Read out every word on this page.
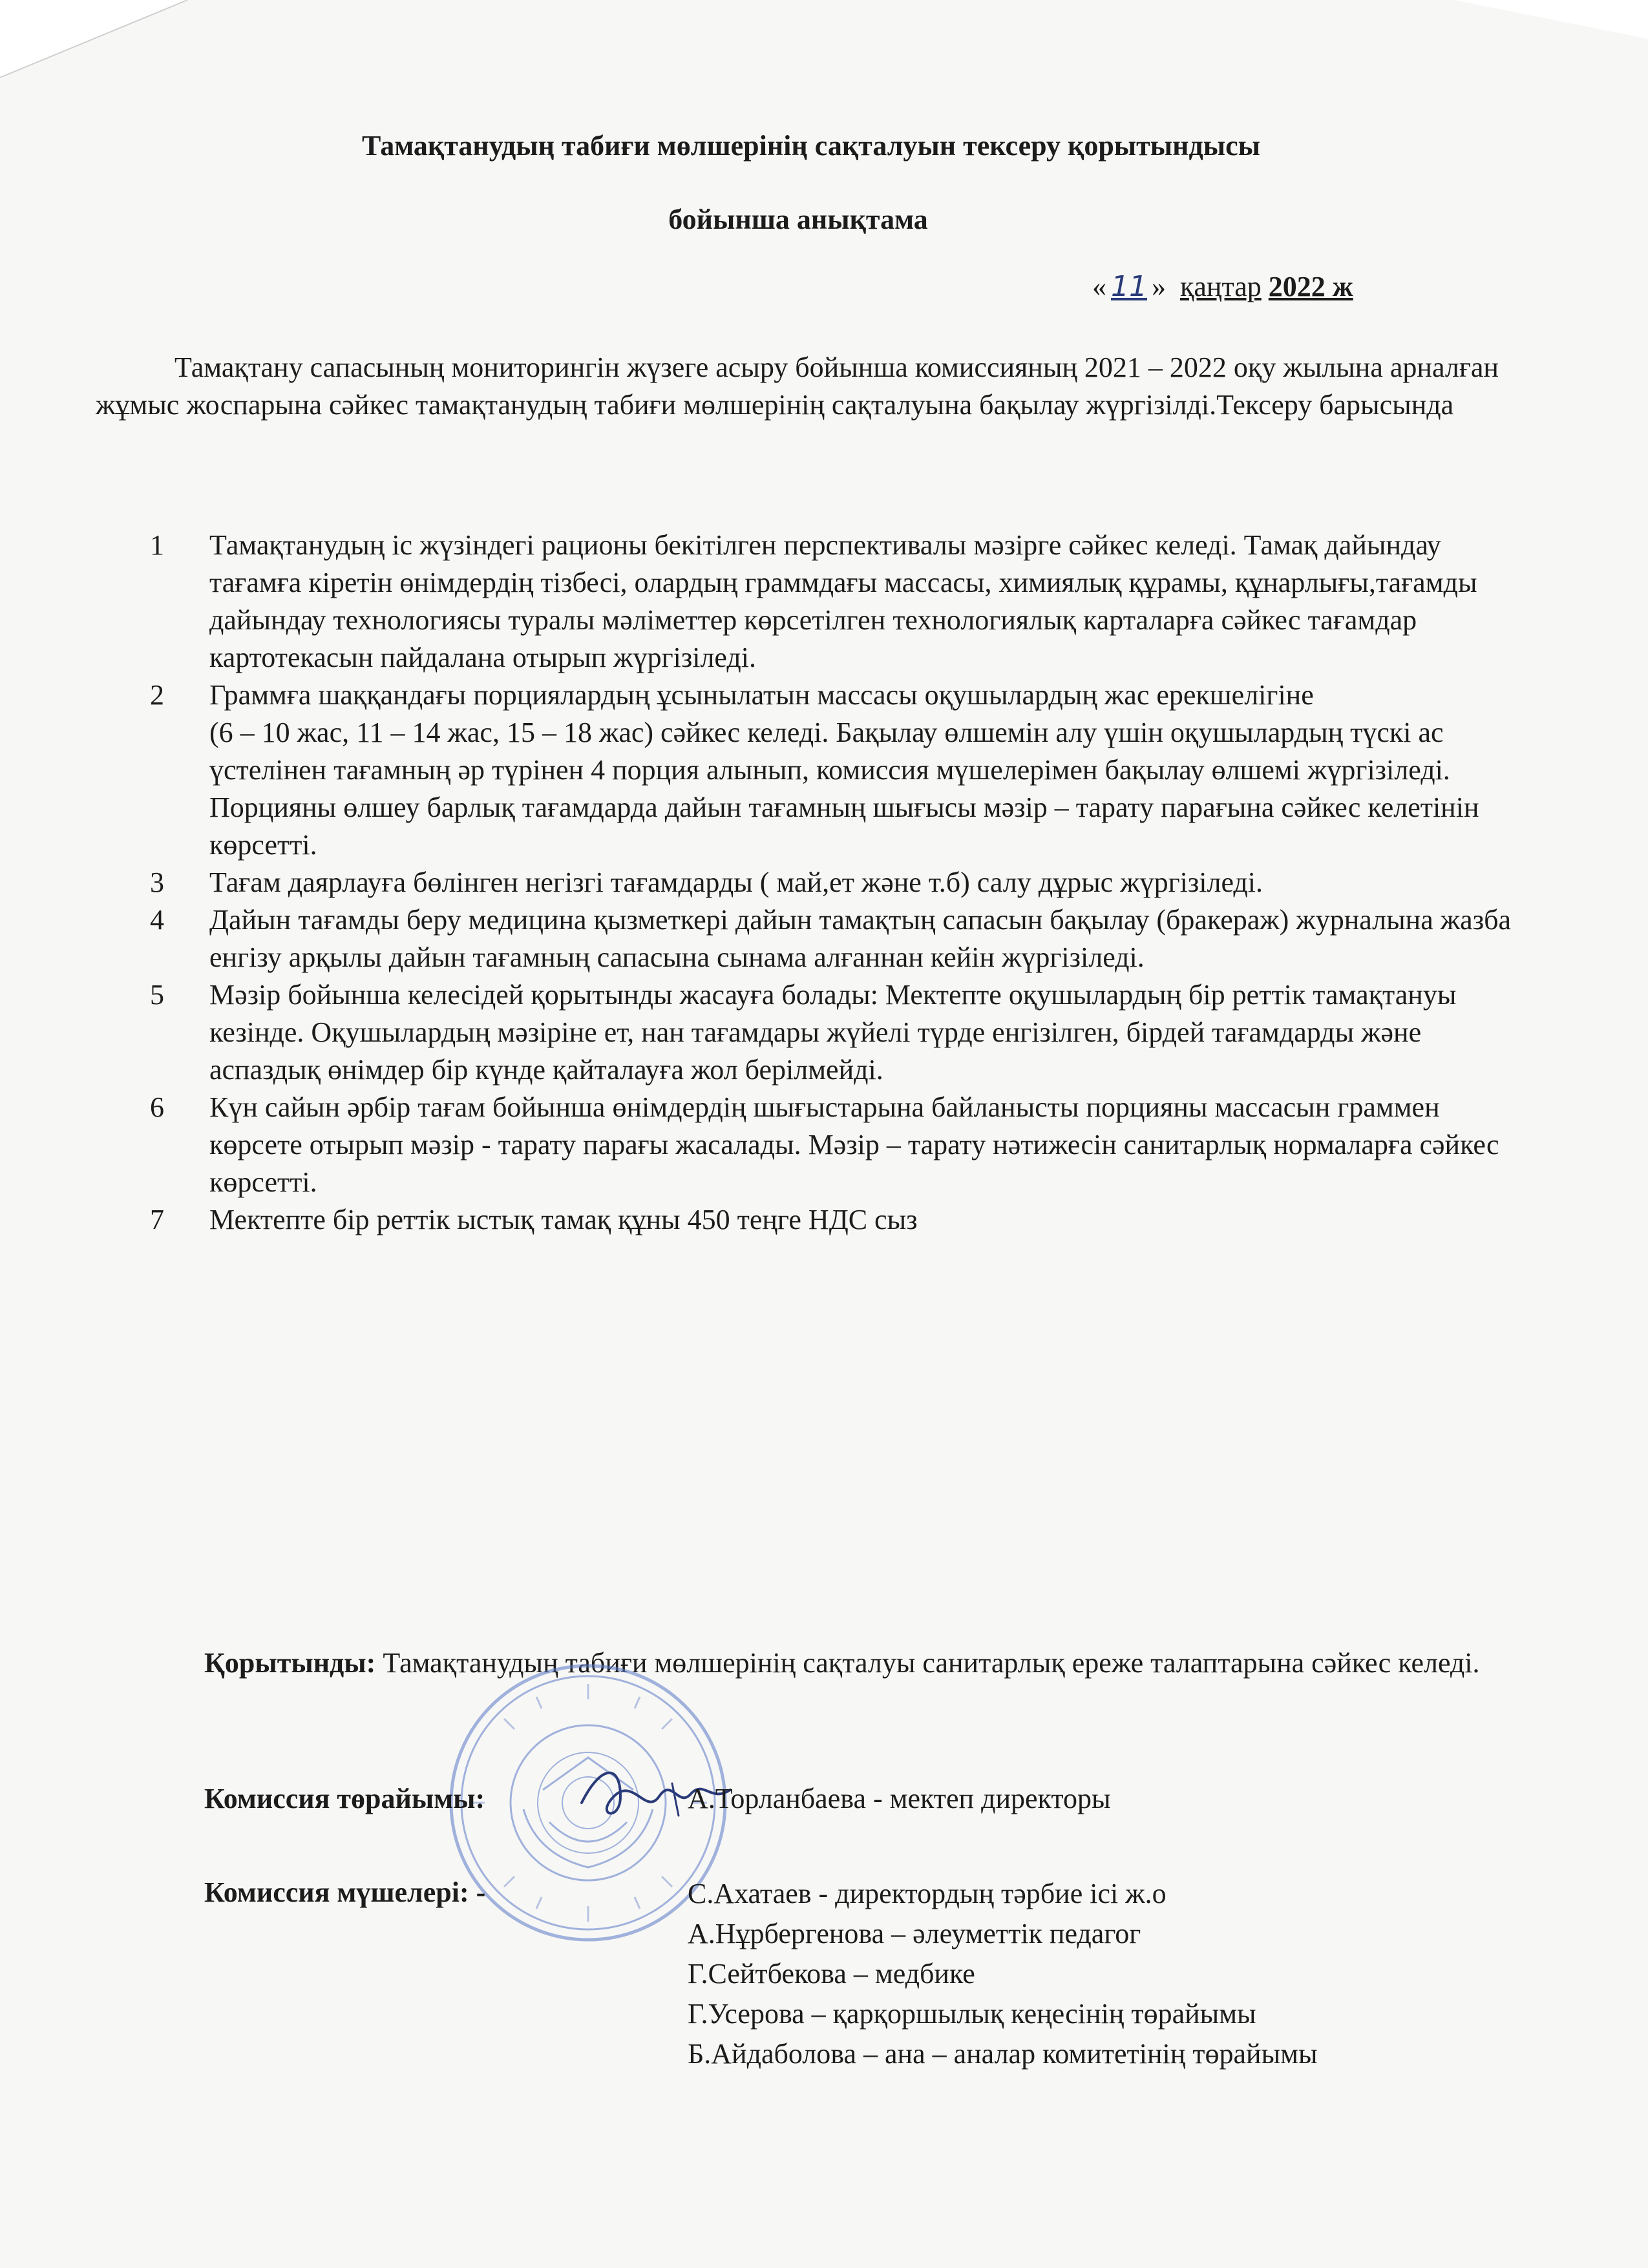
Тамақтанудың табиғи мөлшерінің сақталуын тексеру қорытындысы
бойынша анықтама
« 11 » қаңтар 2022 ж
Тамақтану сапасының мониторингін жүзеге асыру бойынша комиссияның 2021 – 2022 оқу жылына арналған жұмыс жоспарына сәйкес тамақтанудың табиғи мөлшерінің сақталуына бақылау жүргізілді.Тексеру барысында
1 Тамақтанудың іс жүзіндегі рационы бекітілген перспективалы мәзірге сәйкес келеді. Тамақ дайындау тағамға кіретін өнімдердің тізбесі, олардың граммдағы массасы, химиялық құрамы, құнарлығы,тағамды дайындау технологиясы туралы мәліметтер көрсетілген технологиялық карталарға сәйкес тағамдар картотекасын пайдалана отырып жүргізіледі.
2 Граммға шаққандағы порциялардың ұсынылатын массасы оқушылардың жас ерекшелігіне
(6 – 10 жас, 11 – 14 жас, 15 – 18 жас) сәйкес келеді. Бақылау өлшемін алу үшін оқушылардың түскі ас үстелінен тағамның әр түрінен 4 порция алынып, комиссия мүшелерімен бақылау өлшемі жүргізіледі. Порцияны өлшеу барлық тағамдарда дайын тағамның шығысы мәзір – тарату парағына сәйкес келетінін көрсетті.
3 Тағам даярлауға бөлінген негізгі тағамдарды ( май,ет және т.б) салу дұрыс жүргізіледі.
4 Дайын тағамды беру медицина қызметкері дайын тамақтың сапасын бақылау (бракераж) журналына жазба енгізу арқылы дайын тағамның сапасына сынама алғаннан кейін жүргізіледі.
5 Мәзір бойынша келесідей қорытынды жасауға болады: Мектепте оқушылардың бір реттік тамақтануы кезінде. Оқушылардың мәзіріне ет, нан тағамдары жүйелі түрде енгізілген, бірдей тағамдарды және аспаздық өнімдер бір күнде қайталауға жол берілмейді.
6 Күн сайын әрбір тағам бойынша өнімдердің шығыстарына байланысты порцияны массасын граммен көрсете отырып мәзір - тарату парағы жасалады. Мәзір – тарату нәтижесін санитарлық нормаларға сәйкес көрсетті.
7 Мектепте бір реттік ыстық тамақ құны 450 теңге НДС сыз
Қорытынды: Тамақтанудың табиғи мөлшерінің сақталуы санитарлық ереже талаптарына сәйкес келеді.
Комиссия төрайымы:	А.Торланбаева - мектеп директоры
Комиссия мүшелері: -	С.Ахатаев - директордың тәрбие ісі ж.о
А.Нұрбергенова – әлеуметтік педагог
Г.Сейтбекова – медбике
Г.Усерова – қарқоршылық кеңесінің төрайымы
Б.Айдаболова – ана – аналар комитетінің төрайымы
